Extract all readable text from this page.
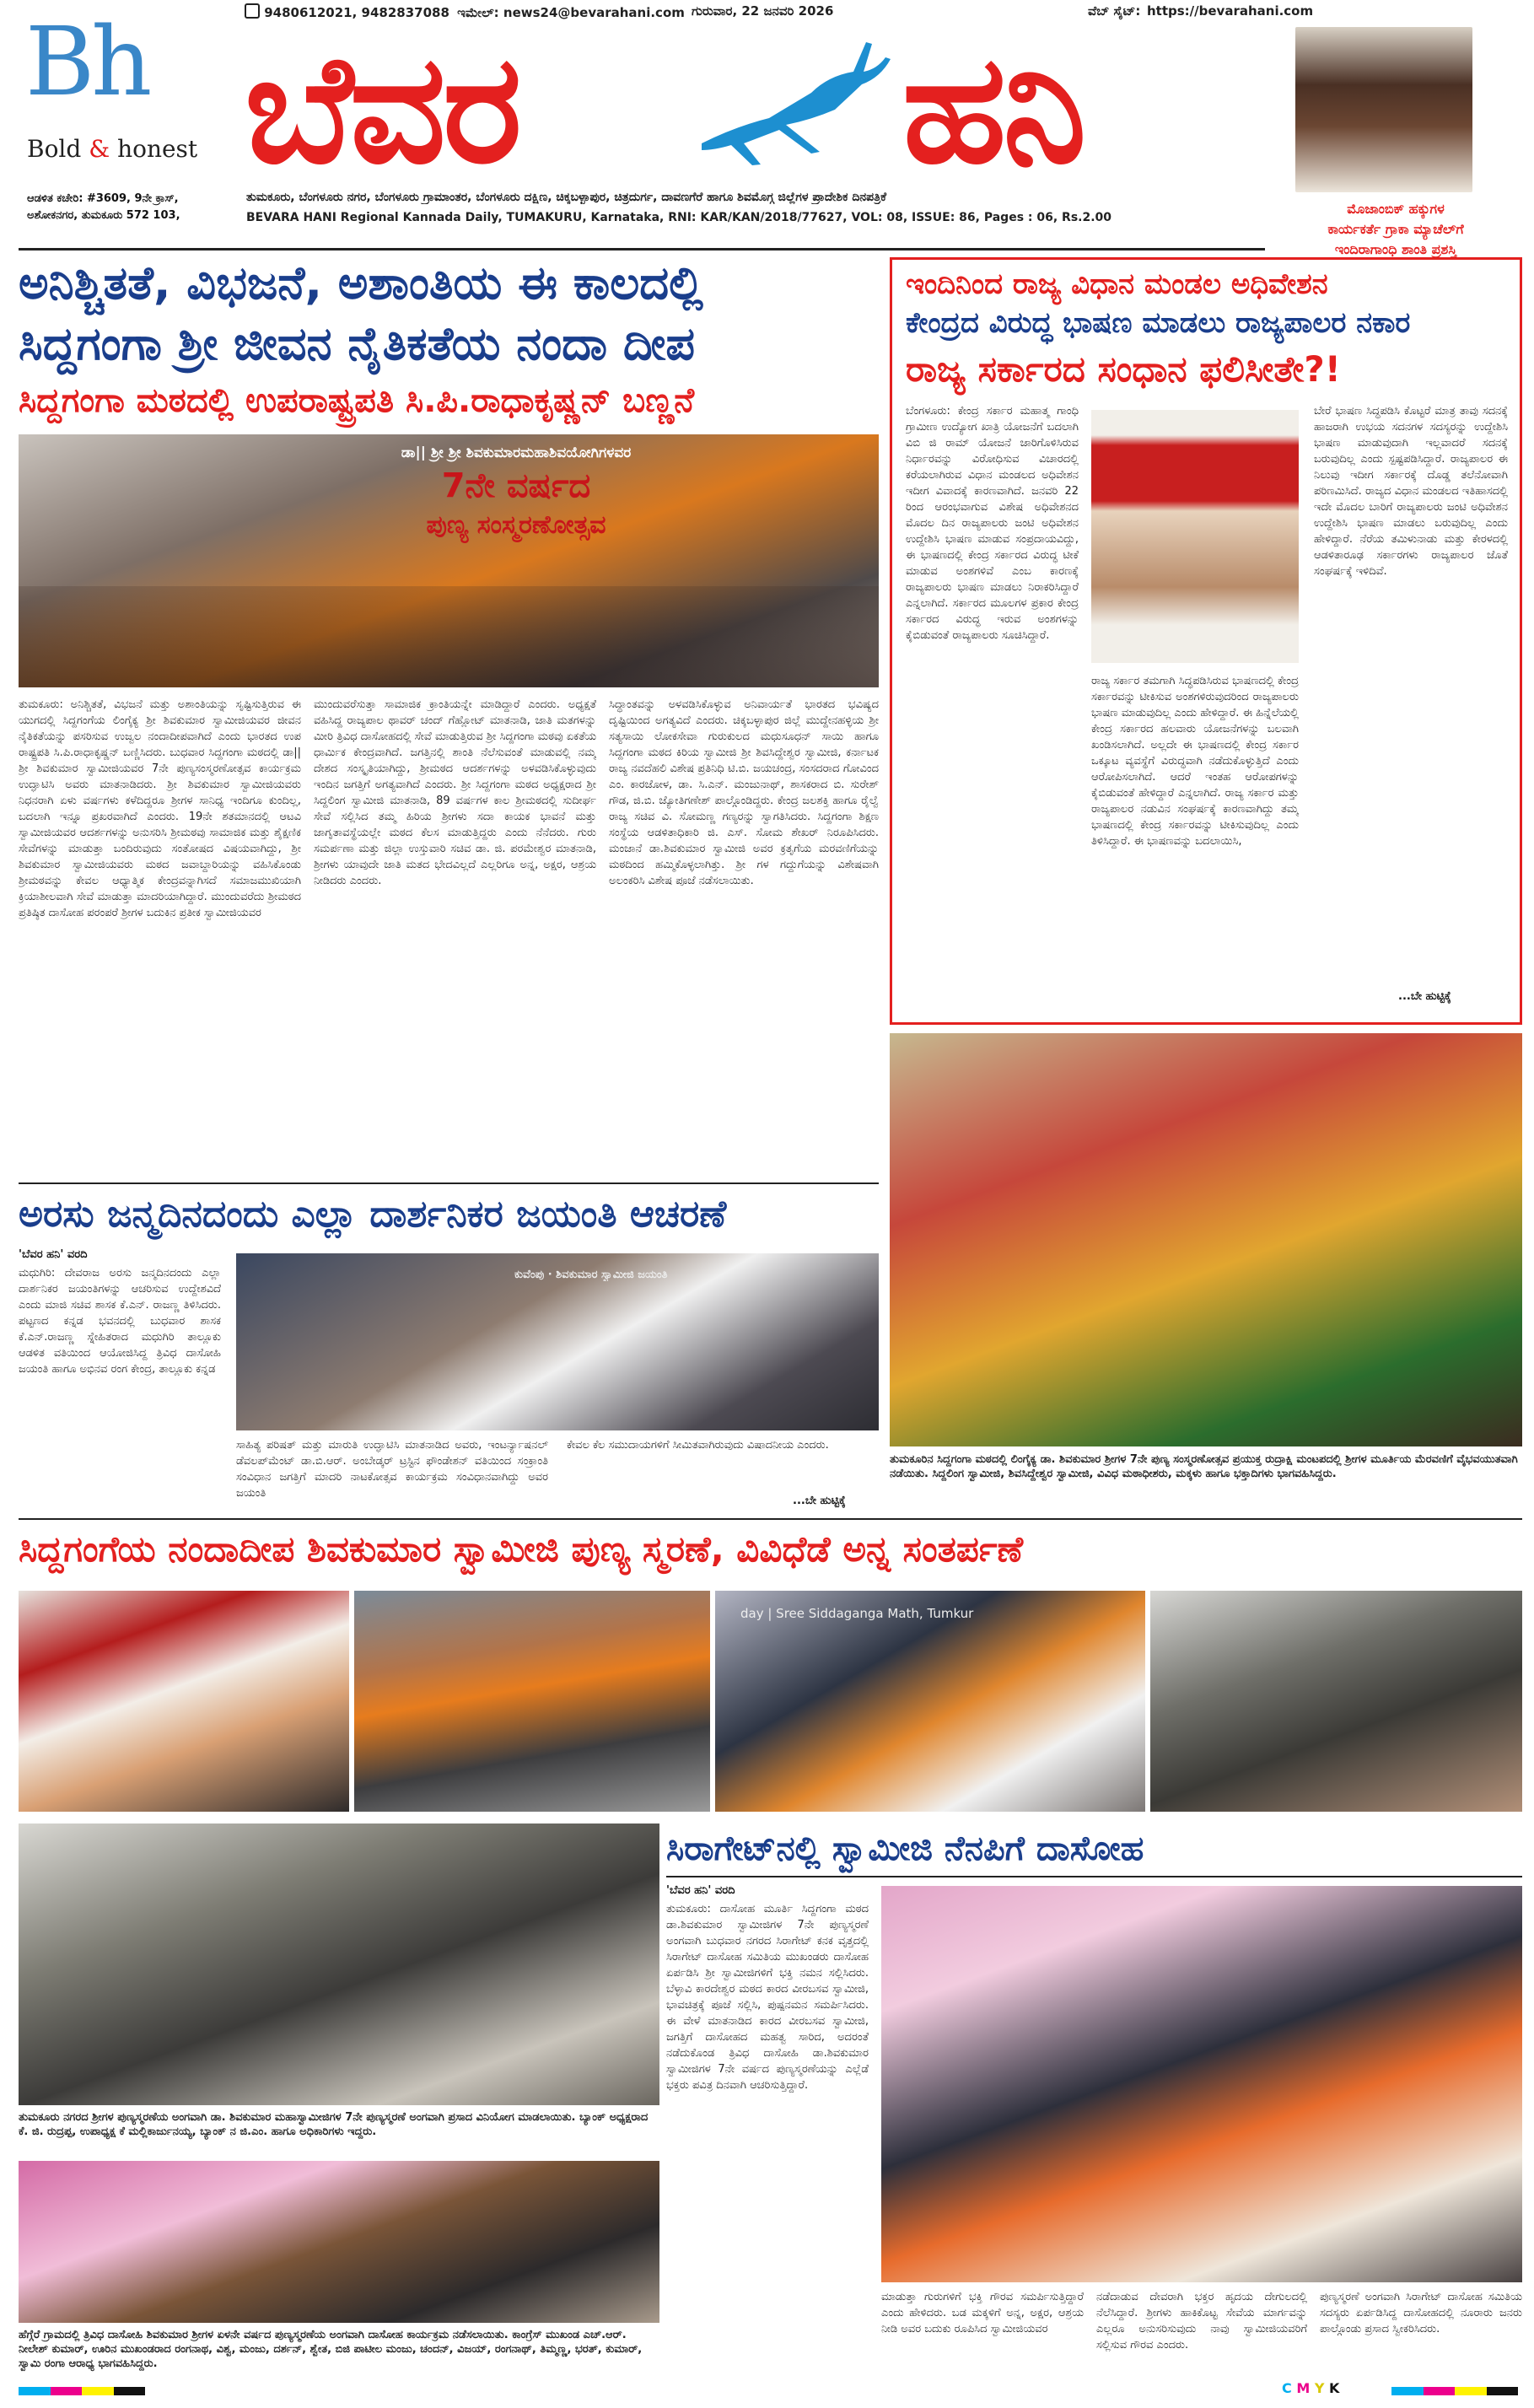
Bh
Bold & honest
9480612021, 9482837088 ಇಮೇಲ್: news24@bevarahani.com ಗುರುವಾರ, 22 ಜನವರಿ 2026	ವೆಬ್ ಸೈಟ್: https://bevarahani.com
ಬೆವರ	ಹನಿ
ಮೊಜಾಂಬಿಕ್ ಹಕ್ಕುಗಳ
ಕಾರ್ಯಕರ್ತೆ ಗ್ರಾಕಾ ಮ್ಯಾಚೆಲ್‌ಗೆ
ಇಂದಿರಾಗಾಂಧಿ ಶಾಂತಿ ಪ್ರಶಸ್ತಿ
ಆಡಳಿತ ಕಚೇರಿ: #3609, 9ನೇ ಕ್ರಾಸ್,
ಅಶೋಕನಗರ, ತುಮಕೂರು 572 103,
ತುಮಕೂರು, ಬೆಂಗಳೂರು ನಗರ, ಬೆಂಗಳೂರು ಗ್ರಾಮಾಂತರ, ಬೆಂಗಳೂರು ದಕ್ಷಿಣ, ಚಿಕ್ಕಬಳ್ಳಾಪುರ, ಚಿತ್ರದುರ್ಗ, ದಾವಣಗೆರೆ ಹಾಗೂ ಶಿವಮೊಗ್ಗ ಜಿಲ್ಲೆಗಳ ಪ್ರಾದೇಶಿಕ ದಿನಪತ್ರಿಕೆ
BEVARA HANI Regional Kannada Daily, TUMAKURU, Karnataka, RNI: KAR/KAN/2018/77627, VOL: 08, ISSUE: 86, Pages : 06, Rs.2.00
ಅನಿಶ್ಚಿತತೆ, ವಿಭಜನೆ, ಅಶಾಂತಿಯ ಈ ಕಾಲದಲ್ಲಿ
ಸಿದ್ದಗಂಗಾ ಶ್ರೀ ಜೀವನ ನೈತಿಕತೆಯ ನಂದಾ ದೀಪ
ಸಿದ್ದಗಂಗಾ ಮಠದಲ್ಲಿ ಉಪರಾಷ್ಟ್ರಪತಿ ಸಿ.ಪಿ.ರಾಧಾಕೃಷ್ಣನ್ ಬಣ್ಣನೆ
ಡಾ|| ಶ್ರೀ ಶ್ರೀ ಶಿವಕುಮಾರಮಹಾಶಿವಯೋಗಿಗಳವರ
7ನೇ ವರ್ಷದ
ಪುಣ್ಯ ಸಂಸ್ಮರಣೋತ್ಸವ
ತುಮಕೂರು: ಅನಿಶ್ಚಿತತೆ, ವಿಭಜನೆ ಮತ್ತು ಅಶಾಂತಿಯನ್ನು ಸೃಷ್ಟಿಸುತ್ತಿರುವ ಈ ಯುಗದಲ್ಲಿ ಸಿದ್ದಗಂಗೆಯ ಲಿಂಗೈಕ್ಯ ಶ್ರೀ ಶಿವಕುಮಾರ ಸ್ವಾಮೀಜಿಯವರ ಜೀವನ ನೈತಿಕತೆಯನ್ನು ಪಸರಿಸುವ ಉಜ್ವಲ ನಂದಾದೀಪವಾಗಿದೆ ಎಂದು ಭಾರತದ ಉಪ ರಾಷ್ಟ್ರಪತಿ ಸಿ.ಪಿ.ರಾಧಾಕೃಷ್ಣನ್ ಬಣ್ಣಿಸಿದರು. ಬುಧವಾರ ಸಿದ್ದಗಂಗಾ ಮಠದಲ್ಲಿ ಡಾ||ಶ್ರೀ ಶಿವಕುಮಾರ ಸ್ವಾಮೀಜಿಯವರ 7ನೇ ಪುಣ್ಯಸಂಸ್ಮರಣೋತ್ಸವ ಕಾರ್ಯಕ್ರಮ ಉದ್ಘಾಟಿಸಿ ಅವರು ಮಾತನಾಡಿದರು. ಶ್ರೀ ಶಿವಕುಮಾರ ಸ್ವಾಮೀಜಿಯವರು ನಿಧನರಾಗಿ ಏಳು ವರ್ಷಗಳು ಕಳೆದಿದ್ದರೂ ಶ್ರೀಗಳ ಸಾನಿಧ್ಯ ಇಂದಿಗೂ ಕುಂದಿಲ್ಲ, ಬದಲಾಗಿ ಇನ್ನೂ ಪ್ರಖರವಾಗಿದೆ ಎಂದರು. 19ನೇ ಶತಮಾನದಲ್ಲಿ ಆಟವಿ ಸ್ವಾಮೀಜಿಯವರ ಆದರ್ಶಗಳನ್ನು ಅನುಸರಿಸಿ ಶ್ರೀಮಠವು ಸಾಮಾಜಿಕ ಮತ್ತು ಶೈಕ್ಷಣಿಕ ಸೇವೆಗಳನ್ನು ಮಾಡುತ್ತಾ ಬಂದಿರುವುದು ಸಂತೋಷದ ವಿಷಯವಾಗಿದ್ದು, ಶ್ರೀ ಶಿವಕುಮಾರ ಸ್ವಾಮೀಜಿಯವರು ಮಠದ ಜವಾಬ್ದಾರಿಯನ್ನು ವಹಿಸಿಕೊಂಡು ಶ್ರೀಮಠವನ್ನು ಕೇವಲ ಆಧ್ಯಾತ್ಮಿಕ ಕೇಂದ್ರವನ್ನಾಗಿಸದೆ ಸಮಾಜಮುಖಿಯಾಗಿ ಕ್ರಿಯಾಶೀಲವಾಗಿ ಸೇವೆ ಮಾಡುತ್ತಾ ಮಾದರಿಯಾಗಿದ್ದಾರೆ. ಮುಂದುವರೆದು ಶ್ರೀಮಠದ ಪ್ರತಿಷ್ಠಿತ ದಾಸೋಹ ಪರಂಪರೆ ಶ್ರೀಗಳ ಬದುಕಿನ ಪ್ರತೀಕ ಸ್ವಾಮೀಜಿಯವರ
ಮುಂದುವರೆಸುತ್ತಾ ಸಾಮಾಜಿಕ ಕ್ರಾಂತಿಯನ್ನೇ ಮಾಡಿದ್ದಾರೆ ಎಂದರು. ಅಧ್ಯಕ್ಷತೆ ವಹಿಸಿದ್ದ ರಾಜ್ಯಪಾಲ ಥಾವರ್ ಚಂದ್ ಗೆಹ್ಲೋಟ್ ಮಾತನಾಡಿ, ಜಾತಿ ಮತಗಳನ್ನು ಮೀರಿ ತ್ರಿವಿಧ ದಾಸೋಹದಲ್ಲಿ ಸೇವೆ ಮಾಡುತ್ತಿರುವ ಶ್ರೀ ಸಿದ್ದಗಂಗಾ ಮಠವು ಏಕತೆಯ ಧಾರ್ಮಿಕ ಕೇಂದ್ರವಾಗಿದೆ. ಜಗತ್ತಿನಲ್ಲಿ ಶಾಂತಿ ನೆಲೆಸುವಂತೆ ಮಾಡುವಲ್ಲಿ ನಮ್ಮ ದೇಶದ ಸಂಸ್ಕೃತಿಯಾಗಿದ್ದು, ಶ್ರೀಮಠದ ಆದರ್ಶಗಳನ್ನು ಅಳವಡಿಸಿಕೊಳ್ಳುವುದು ಇಂದಿನ ಜಗತ್ತಿಗೆ ಅಗತ್ಯವಾಗಿದೆ ಎಂದರು. ಶ್ರೀ ಸಿದ್ದಗಂಗಾ ಮಠದ ಅಧ್ಯಕ್ಷರಾದ ಶ್ರೀ ಸಿದ್ದಲಿಂಗ ಸ್ವಾಮೀಜಿ ಮಾತನಾಡಿ, 89 ವರ್ಷಗಳ ಕಾಲ ಶ್ರೀಮಠದಲ್ಲಿ ಸುದೀರ್ಘ ಸೇವೆ ಸಲ್ಲಿಸಿದ ತಮ್ಮ ಹಿರಿಯ ಶ್ರೀಗಳು ಸದಾ ಕಾಯಕ ಭಾವನೆ ಮತ್ತು ಜಾಗೃತಾವಸ್ಥೆಯಲ್ಲೇ ಮಠದ ಕೆಲಸ ಮಾಡುತ್ತಿದ್ದರು ಎಂದು ನೆನೆದರು. ಗುರು ಸಮರ್ಪಣಾ ಮತ್ತು ಜಿಲ್ಲಾ ಉಸ್ತುವಾರಿ ಸಚಿವ ಡಾ. ಜಿ. ಪರಮೇಶ್ವರ ಮಾತನಾಡಿ, ಶ್ರೀಗಳು ಯಾವುದೇ ಜಾತಿ ಮತದ ಭೇದವಿಲ್ಲದೆ ಎಲ್ಲರಿಗೂ ಅನ್ನ, ಅಕ್ಷರ, ಆಶ್ರಯ ನೀಡಿದರು ಎಂದರು.
ಸಿದ್ಧಾಂತವನ್ನು ಅಳವಡಿಸಿಕೊಳ್ಳುವ ಅನಿವಾರ್ಯತೆ ಭಾರತದ ಭವಿಷ್ಯದ ದೃಷ್ಟಿಯಿಂದ ಅಗತ್ಯವಿದೆ ಎಂದರು. ಚಿಕ್ಕಬಳ್ಳಾಪುರ ಜಿಲ್ಲೆ ಮುದ್ದೇನಹಳ್ಳಿಯ ಶ್ರೀ ಸತ್ಯಸಾಯಿ ಲೋಕಸೇವಾ ಗುರುಕುಲದ ಮಧುಸೂಧನ್ ಸಾಯಿ ಹಾಗೂ ಸಿದ್ದಗಂಗಾ ಮಠದ ಕಿರಿಯ ಸ್ವಾಮೀಜಿ ಶ್ರೀ ಶಿವಸಿದ್ದೇಶ್ವರ ಸ್ವಾಮೀಜಿ, ಕರ್ನಾಟಕ ರಾಜ್ಯ ನವದೆಹಲಿ ವಿಶೇಷ ಪ್ರತಿನಿಧಿ ಟಿ.ಬಿ. ಜಯಚಂದ್ರ, ಸಂಸದರಾದ ಗೋವಿಂದ ಎಂ. ಕಾರಜೋಳ, ಡಾ. ಸಿ.ಎನ್. ಮಂಜುನಾಥ್, ಶಾಸಕರಾದ ಬಿ. ಸುರೇಶ್ ಗೌಡ, ಜಿ.ಬಿ. ಜ್ಯೋತಿಗಣೇಶ್ ಪಾಲ್ಗೊಂಡಿದ್ದರು. ಕೇಂದ್ರ ಜಲಶಕ್ತಿ ಹಾಗೂ ರೈಲ್ವೆ ರಾಜ್ಯ ಸಚಿವ ವಿ. ಸೋಮಣ್ಣ ಗಣ್ಯರನ್ನು ಸ್ವಾಗತಿಸಿದರು. ಸಿದ್ದಗಂಗಾ ಶಿಕ್ಷಣ ಸಂಸ್ಥೆಯ ಆಡಳಿತಾಧಿಕಾರಿ ಜಿ. ಎಸ್. ಸೋಮ ಶೇಖರ್ ನಿರೂಪಿಸಿದರು. ಮಂಜಾನೆ ಡಾ.ಶಿವಕುಮಾರ ಸ್ವಾಮೀಜಿ ಅವರ ಕ್ರತೃಗೆಯ ಮರವಣಿಗೆಯನ್ನು ಮಠದಿಂದ ಹಮ್ಮಿಕೊಳ್ಳಲಾಗಿತ್ತು. ಶ್ರೀ ಗಳ ಗದ್ದುಗೆಯನ್ನು ವಿಶೇಷವಾಗಿ ಅಲಂಕರಿಸಿ ವಿಶೇಷ ಪೂಜೆ ನಡೆಸಲಾಯಿತು.
ಇಂದಿನಿಂದ ರಾಜ್ಯ ವಿಧಾನ ಮಂಡಲ ಅಧಿವೇಶನ
ಕೇಂದ್ರದ ವಿರುದ್ಧ ಭಾಷಣ ಮಾಡಲು ರಾಜ್ಯಪಾಲರ ನಕಾರ
ರಾಜ್ಯ ಸರ್ಕಾರದ ಸಂಧಾನ ಫಲಿಸೀತೇ?!
ಬೆಂಗಳೂರು: ಕೇಂದ್ರ ಸರ್ಕಾರ ಮಹಾತ್ಮ ಗಾಂಧಿ ಗ್ರಾಮೀಣ ಉದ್ಯೋಗ ಖಾತ್ರಿ ಯೋಜನೆಗೆ ಬದಲಾಗಿ ವಿಬಿ ಜಿ ರಾಮ್ ಯೋಜನೆ ಜಾರಿಗೊಳಿಸಿರುವ ನಿರ್ಧಾರವನ್ನು ವಿರೋಧಿಸುವ ವಿಚಾರದಲ್ಲಿ ಕರೆಯಲಾಗಿರುವ ವಿಧಾನ ಮಂಡಲದ ಅಧಿವೇಶನ ಇದೀಗ ವಿವಾದಕ್ಕೆ ಕಾರಣವಾಗಿದೆ. ಜನವರಿ 22 ರಿಂದ ಆರಂಭವಾಗುವ ವಿಶೇಷ ಅಧಿವೇಶನದ ಮೊದಲ ದಿನ ರಾಜ್ಯಪಾಲರು ಜಂಟಿ ಅಧಿವೇಶನ ಉದ್ದೇಶಿಸಿ ಭಾಷಣ ಮಾಡುವ ಸಂಪ್ರದಾಯವಿದ್ದು, ಈ ಭಾಷಣದಲ್ಲಿ ಕೇಂದ್ರ ಸರ್ಕಾರದ ವಿರುದ್ಧ ಟೀಕೆ ಮಾಡುವ ಅಂಶಗಳಿವೆ ಎಂಬ ಕಾರಣಕ್ಕೆ ರಾಜ್ಯಪಾಲರು ಭಾಷಣ ಮಾಡಲು ನಿರಾಕರಿಸಿದ್ದಾರೆ ಎನ್ನಲಾಗಿದೆ. ಸರ್ಕಾರದ ಮೂಲಗಳ ಪ್ರಕಾರ ಕೇಂದ್ರ ಸರ್ಕಾರದ ವಿರುದ್ಧ ಇರುವ ಅಂಶಗಳನ್ನು ಕೈಬಿಡುವಂತೆ ರಾಜ್ಯಪಾಲರು ಸೂಚಿಸಿದ್ದಾರೆ.
ರಾಜ್ಯ ಸರ್ಕಾರ ತಮಗಾಗಿ ಸಿದ್ಧಪಡಿಸಿರುವ ಭಾಷಣದಲ್ಲಿ ಕೇಂದ್ರ ಸರ್ಕಾರವನ್ನು ಟೀಕಿಸುವ ಅಂಶಗಳಿರುವುದರಿಂದ ರಾಜ್ಯಪಾಲರು ಭಾಷಣ ಮಾಡುವುದಿಲ್ಲ ಎಂದು ಹೇಳಿದ್ದಾರೆ. ಈ ಹಿನ್ನೆಲೆಯಲ್ಲಿ ಕೇಂದ್ರ ಸರ್ಕಾರದ ಹಲವಾರು ಯೋಜನೆಗಳನ್ನು ಬಲವಾಗಿ ಖಂಡಿಸಲಾಗಿದೆ. ಅಲ್ಲದೇ ಈ ಭಾಷಣದಲ್ಲಿ ಕೇಂದ್ರ ಸರ್ಕಾರ ಒಕ್ಕೂಟ ವ್ಯವಸ್ಥೆಗೆ ವಿರುದ್ಧವಾಗಿ ನಡೆದುಕೊಳ್ಳುತ್ತಿದೆ ಎಂದು ಆರೋಪಿಸಲಾಗಿದೆ. ಆದರೆ ಇಂತಹ ಆರೋಪಗಳನ್ನು ಕೈಬಿಡುವಂತೆ ಹೇಳಿದ್ದಾರೆ ಎನ್ನಲಾಗಿದೆ. ರಾಜ್ಯ ಸರ್ಕಾರ ಮತ್ತು ರಾಜ್ಯಪಾಲರ ನಡುವಿನ ಸಂಘರ್ಷಕ್ಕೆ ಕಾರಣವಾಗಿದ್ದು ತಮ್ಮ ಭಾಷಣದಲ್ಲಿ ಕೇಂದ್ರ ಸರ್ಕಾರವನ್ನು ಟೀಕಿಸುವುದಿಲ್ಲ ಎಂದು ತಿಳಿಸಿದ್ದಾರೆ. ಈ ಭಾಷಣವನ್ನು ಬದಲಾಯಿಸಿ,
ಬೇರೆ ಭಾಷಣ ಸಿದ್ಧಪಡಿಸಿ ಕೊಟ್ಟರೆ ಮಾತ್ರ ತಾವು ಸದನಕ್ಕೆ ಹಾಜರಾಗಿ ಉಭಯ ಸದನಗಳ ಸದಸ್ಯರನ್ನು ಉದ್ದೇಶಿಸಿ ಭಾಷಣ ಮಾಡುವುದಾಗಿ ಇಲ್ಲವಾದರೆ ಸದನಕ್ಕೆ ಬರುವುದಿಲ್ಲ ಎಂದು ಸ್ಪಷ್ಟಪಡಿಸಿದ್ದಾರೆ. ರಾಜ್ಯಪಾಲರ ಈ ನಿಲುವು ಇದೀಗ ಸರ್ಕಾರಕ್ಕೆ ದೊಡ್ಡ ತಲೆನೋವಾಗಿ ಪರಿಣಮಿಸಿದೆ. ರಾಜ್ಯದ ವಿಧಾನ ಮಂಡಲದ ಇತಿಹಾಸದಲ್ಲಿ ಇದೇ ಮೊದಲ ಬಾರಿಗೆ ರಾಜ್ಯಪಾಲರು ಜಂಟಿ ಅಧಿವೇಶನ ಉದ್ದೇಶಿಸಿ ಭಾಷಣ ಮಾಡಲು ಬರುವುದಿಲ್ಲ ಎಂದು ಹೇಳಿದ್ದಾರೆ. ನೆರೆಯ ತಮಿಳುನಾಡು ಮತ್ತು ಕೇರಳದಲ್ಲಿ ಆಡಳಿತಾರೂಢ ಸರ್ಕಾರಗಳು ರಾಜ್ಯಪಾಲರ ಜೊತೆ ಸಂಘರ್ಷಕ್ಕೆ ಇಳಿದಿವೆ.
...ಬೇ ಹುಟ್ಟಿಕ್ಕೆ
ತುಮಕೂರಿನ ಸಿದ್ದಗಂಗಾ ಮಠದಲ್ಲಿ ಲಿಂಗೈಕ್ಯ ಡಾ. ಶಿವಕುಮಾರ ಶ್ರೀಗಳ 7ನೇ ಪುಣ್ಯ ಸಂಸ್ಮರಣೋತ್ಸವ ಪ್ರಯುಕ್ತ ರುದ್ರಾಕ್ಷಿ ಮಂಟಪದಲ್ಲಿ ಶ್ರೀಗಳ ಮೂರ್ತಿಯ ಮೆರವಣಿಗೆ ವೈಭವಯುತವಾಗಿ ನಡೆಯಿತು. ಸಿದ್ದಲಿಂಗ ಸ್ವಾಮೀಜಿ, ಶಿವಸಿದ್ದೇಶ್ವರ ಸ್ವಾಮೀಜಿ, ವಿವಿಧ ಮಠಾಧೀಶರು, ಮಕ್ಕಳು ಹಾಗೂ ಭಕ್ತಾದಿಗಳು ಭಾಗವಹಿಸಿದ್ದರು.
ಅರಸು ಜನ್ಮದಿನದಂದು ಎಲ್ಲಾ ದಾರ್ಶನಿಕರ ಜಯಂತಿ ಆಚರಣೆ
'ಬೆವರ ಹನಿ' ವರದಿ
ಮಧುಗಿರಿ: ದೇವರಾಜ ಅರಸು ಜನ್ಮದಿನದಂದು ಎಲ್ಲಾ ದಾರ್ಶನಿಕರ ಜಯಂತಿಗಳನ್ನು ಆಚರಿಸುವ ಉದ್ದೇಶವಿದೆ ಎಂದು ಮಾಜಿ ಸಚಿವ ಶಾಸಕ ಕೆ.ಎನ್. ರಾಜಣ್ಣ ತಿಳಿಸಿದರು. ಪಟ್ಟಣದ ಕನ್ನಡ ಭವನದಲ್ಲಿ ಬುಧವಾರ ಶಾಸಕ ಕೆ.ಎನ್.ರಾಜಣ್ಣ ಸ್ನೇಹಿತರಾದ ಮಧುಗಿರಿ ತಾಲ್ಲೂಕು ಆಡಳಿತ ವತಿಯಿಂದ ಆಯೋಜಿಸಿದ್ದ ತ್ರಿವಿಧ ದಾಸೋಹಿ ಜಯಂತಿ ಹಾಗೂ ಅಭಿನವ ರಂಗ ಕೇಂದ್ರ, ತಾಲ್ಲೂಕು ಕನ್ನಡ
ಕುವೆಂಪು · ಶಿವಕುಮಾರ ಸ್ವಾಮೀಜಿ ಜಯಂತಿ
ಸಾಹಿತ್ಯ ಪರಿಷತ್ ಮತ್ತು ಮಾರುತಿ ಉದ್ಘಾಟಿಸಿ ಮಾತನಾಡಿದ ಅವರು, ಇಂಟರ್ನ್ಯಾಷನಲ್ ಡೆವಲಪ್‌ಮೆಂಟ್ ಡಾ.ಬಿ.ಆರ್. ಅಂಬೇಡ್ಕರ್ ಟ್ರಸ್ಟಿನ ಫೌಂಡೇಶನ್ ವತಿಯಿಂದ ಸಂಕ್ರಾಂತಿ ಸಂವಿಧಾನ ಜಗತ್ತಿಗೆ ಮಾದರಿ ನಾಟಕೋತ್ಸವ ಕಾರ್ಯಕ್ರಮ ಸಂವಿಧಾನವಾಗಿದ್ದು ಅವರ ಜಯಂತಿ
ಕೇವಲ ಕೆಲ ಸಮುದಾಯಗಳಿಗೆ ಸೀಮಿತವಾಗಿರುವುದು ವಿಷಾದನೀಯ ಎಂದರು.
...ಬೇ ಹುಟ್ಟಿಕ್ಕೆ
ಸಿದ್ದಗಂಗೆಯ ನಂದಾದೀಪ ಶಿವಕುಮಾರ ಸ್ವಾಮೀಜಿ ಪುಣ್ಯ ಸ್ಮರಣೆ, ವಿವಿಧೆಡೆ ಅನ್ನ ಸಂತರ್ಪಣೆ
day | Sree Siddaganga Math, Tumkur
ತುಮಕೂರು ನಗರದ ಶ್ರೀಗಳ ಪುಣ್ಯಸ್ಮರಣೆಯ ಅಂಗವಾಗಿ ಡಾ. ಶಿವಕುಮಾರ ಮಹಾಸ್ವಾಮೀಜಿಗಳ 7ನೇ ಪುಣ್ಯಸ್ಮರಣೆ ಅಂಗವಾಗಿ ಪ್ರಸಾದ ವಿನಿಯೋಗ ಮಾಡಲಾಯಿತು. ಬ್ಯಾಂಕ್ ಅಧ್ಯಕ್ಷರಾದ ಕೆ. ಜಿ. ರುದ್ರಪ್ಪ, ಉಪಾಧ್ಯಕ್ಷ ಕೆ ಮಲ್ಲಿಕಾರ್ಜುನಯ್ಯ, ಬ್ಯಾಂಕ್ ನ ಜಿ.ಎಂ. ಹಾಗೂ ಅಧಿಕಾರಿಗಳು ಇದ್ದರು.
ಹೆಗ್ಗೆರೆ ಗ್ರಾಮದಲ್ಲಿ ತ್ರಿವಿಧ ದಾಸೋಹಿ ಶಿವಕುಮಾರ ಶ್ರೀಗಳ ಏಳನೇ ವರ್ಷದ ಪುಣ್ಯಸ್ಮರಣೆಯ ಅಂಗವಾಗಿ ದಾಸೋಹ ಕಾರ್ಯಕ್ರಮ ನಡೆಸಲಾಯಿತು. ಕಾಂಗ್ರೆಸ್ ಮುಖಂಡ ಎಚ್.ಆರ್. ನೀಲೇಶ್ ಕುಮಾರ್, ಊರಿನ ಮುಖಂಡರಾದ ರಂಗನಾಥ, ವಿಶ್ವ, ಮಂಜು, ದರ್ಶನ್, ಶ್ವೇತ, ಬಿಜಿ ಪಾಟೀಲ ಮಂಜು, ಚಂದನ್, ವಿಜಯ್, ರಂಗನಾಥ್, ತಿಮ್ಮಣ್ಣ, ಭರತ್, ಕುಮಾರ್, ಸ್ವಾಮಿ ರಂಗಾ ಆರಾಧ್ಯ ಭಾಗವಹಿಸಿದ್ದರು.
ಸಿರಾಗೇಟ್‌ನಲ್ಲಿ ಸ್ವಾಮೀಜಿ ನೆನಪಿಗೆ ದಾಸೋಹ
'ಬೆವರ ಹನಿ' ವರದಿ
ತುಮಕೂರು: ದಾಸೋಹ ಮೂರ್ತಿ ಸಿದ್ದಗಂಗಾ ಮಠದ ಡಾ.ಶಿವಕುಮಾರ ಸ್ವಾಮೀಜಿಗಳ 7ನೇ ಪುಣ್ಯಸ್ಮರಣೆ ಅಂಗವಾಗಿ ಬುಧವಾರ ನಗರದ ಸಿರಾಗೇಟ್ ಕನಕ ವೃತ್ತದಲ್ಲಿ ಸಿರಾಗೇಟ್ ದಾಸೋಹ ಸಮಿತಿಯ ಮುಖಂಡರು ದಾಸೋಹ ಏರ್ಪಡಿಸಿ ಶ್ರೀ ಸ್ವಾಮೀಜಿಗಳಿಗೆ ಭಕ್ತಿ ನಮನ ಸಲ್ಲಿಸಿದರು. ಬೆಳ್ಳಾವಿ ಕಾರದೇಶ್ವರ ಮಠದ ಕಾರದ ವೀರಬಸವ ಸ್ವಾಮೀಜಿ, ಭಾವಚಿತ್ರಕ್ಕೆ ಪೂಜೆ ಸಲ್ಲಿಸಿ, ಪುಷ್ಪನಮನ ಸಮರ್ಪಿಸಿದರು. ಈ ವೇಳೆ ಮಾತನಾಡಿದ ಕಾರದ ವೀರಬಸವ ಸ್ವಾಮೀಜಿ, ಜಗತ್ತಿಗೆ ದಾಸೋಹದ ಮಹತ್ವ ಸಾರಿದ, ಅದರಂತೆ ನಡೆದುಕೊಂಡ ತ್ರಿವಿಧ ದಾಸೋಹಿ ಡಾ.ಶಿವಕುಮಾರ ಸ್ವಾಮೀಜಿಗಳ 7ನೇ ವರ್ಷದ ಪುಣ್ಯಸ್ಮರಣೆಯನ್ನು ಎಲ್ಲೆಡೆ ಭಕ್ತರು ಪವಿತ್ರ ದಿನವಾಗಿ ಆಚರಿಸುತ್ತಿದ್ದಾರೆ.
ಮಾಡುತ್ತಾ ಗುರುಗಳಿಗೆ ಭಕ್ತಿ ಗೌರವ ಸಮರ್ಪಿಸುತ್ತಿದ್ದಾರೆ ಎಂದು ಹೇಳಿದರು. ಬಡ ಮಕ್ಕಳಿಗೆ ಅನ್ನ, ಅಕ್ಷರ, ಆಶ್ರಯ ನೀಡಿ ಅವರ ಬದುಕು ರೂಪಿಸಿದ ಸ್ವಾಮೀಜಿಯವರ
ನಡೆದಾಡುವ ದೇವರಾಗಿ ಭಕ್ತರ ಹೃದಯ ದೇಗುಲದಲ್ಲಿ ನೆಲೆಸಿದ್ದಾರೆ. ಶ್ರೀಗಳು ಹಾಕಿಕೊಟ್ಟ ಸೇವೆಯ ಮಾರ್ಗವನ್ನು ಎಲ್ಲರೂ ಅನುಸರಿಸುವುದು ನಾವು ಸ್ವಾಮೀಜಿಯವರಿಗೆ ಸಲ್ಲಿಸುವ ಗೌರವ ಎಂದರು.
ಪುಣ್ಯಸ್ಮರಣೆ ಅಂಗವಾಗಿ ಸಿರಾಗೇಟ್ ದಾಸೋಹ ಸಮಿತಿಯ ಸದಸ್ಯರು ಏರ್ಪಡಿಸಿದ್ದ ದಾಸೋಹದಲ್ಲಿ ನೂರಾರು ಜನರು ಪಾಲ್ಗೊಂಡು ಪ್ರಸಾದ ಸ್ವೀಕರಿಸಿದರು.
C M Y K
